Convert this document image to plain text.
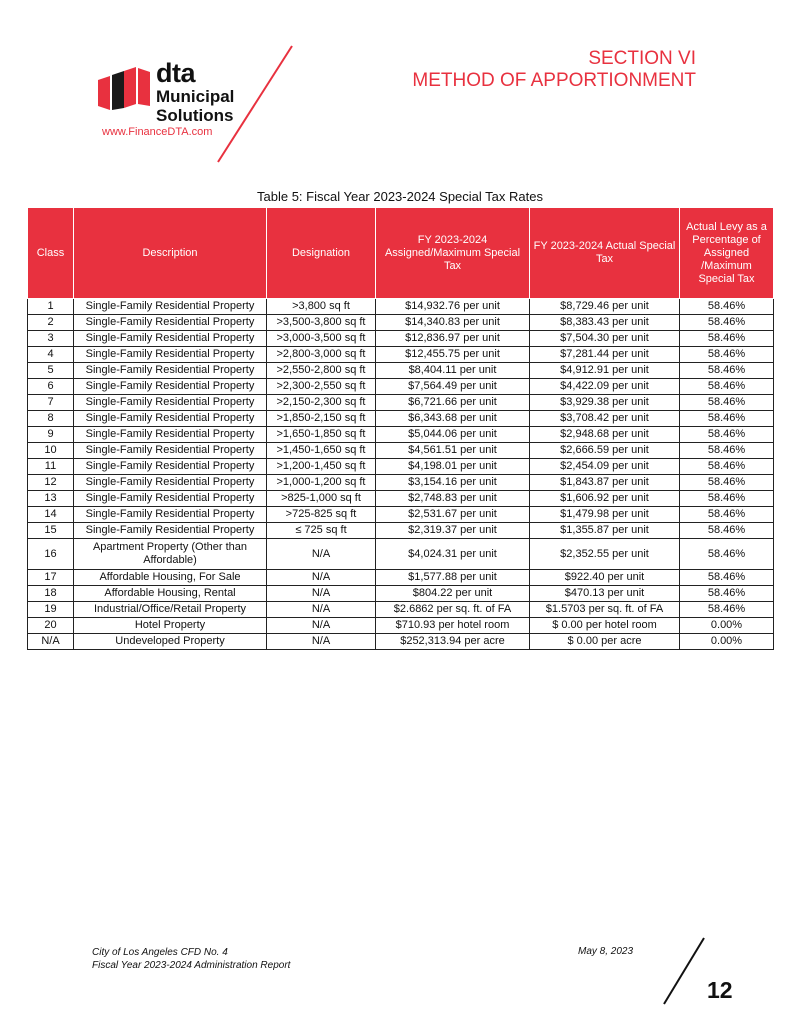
dta
Municipal
Solutions
www.FinanceDTA.com
SECTION VI
METHOD OF APPORTIONMENT
Table 5: Fiscal Year 2023-2024 Special Tax Rates
Class	Description	Designation	FY 2023-2024 Assigned/Maximum Special Tax	FY 2023-2024 Actual Special Tax	Actual Levy as a Percentage of Assigned /Maximum Special Tax
1	Single-Family Residential Property	>3,800 sq ft	$14,932.76 per unit	$8,729.46 per unit	58.46%
2	Single-Family Residential Property	>3,500-3,800 sq ft	$14,340.83 per unit	$8,383.43 per unit	58.46%
3	Single-Family Residential Property	>3,000-3,500 sq ft	$12,836.97 per unit	$7,504.30 per unit	58.46%
4	Single-Family Residential Property	>2,800-3,000 sq ft	$12,455.75 per unit	$7,281.44 per unit	58.46%
5	Single-Family Residential Property	>2,550-2,800 sq ft	$8,404.11 per unit	$4,912.91 per unit	58.46%
6	Single-Family Residential Property	>2,300-2,550 sq ft	$7,564.49 per unit	$4,422.09 per unit	58.46%
7	Single-Family Residential Property	>2,150-2,300 sq ft	$6,721.66 per unit	$3,929.38 per unit	58.46%
8	Single-Family Residential Property	>1,850-2,150 sq ft	$6,343.68 per unit	$3,708.42 per unit	58.46%
9	Single-Family Residential Property	>1,650-1,850 sq ft	$5,044.06 per unit	$2,948.68 per unit	58.46%
10	Single-Family Residential Property	>1,450-1,650 sq ft	$4,561.51 per unit	$2,666.59 per unit	58.46%
11	Single-Family Residential Property	>1,200-1,450 sq ft	$4,198.01 per unit	$2,454.09 per unit	58.46%
12	Single-Family Residential Property	>1,000-1,200 sq ft	$3,154.16 per unit	$1,843.87 per unit	58.46%
13	Single-Family Residential Property	>825-1,000 sq ft	$2,748.83 per unit	$1,606.92 per unit	58.46%
14	Single-Family Residential Property	>725-825 sq ft	$2,531.67 per unit	$1,479.98 per unit	58.46%
15	Single-Family Residential Property	≤ 725 sq ft	$2,319.37 per unit	$1,355.87 per unit	58.46%
16	Apartment Property (Other than Affordable)	N/A	$4,024.31 per unit	$2,352.55 per unit	58.46%
17	Affordable Housing, For Sale	N/A	$1,577.88 per unit	$922.40 per unit	58.46%
18	Affordable Housing, Rental	N/A	$804.22 per unit	$470.13 per unit	58.46%
19	Industrial/Office/Retail Property	N/A	$2.6862 per sq. ft. of FA	$1.5703 per sq. ft. of FA	58.46%
20	Hotel Property	N/A	$710.93 per hotel room	$ 0.00 per hotel room	0.00%
N/A	Undeveloped Property	N/A	$252,313.94 per acre	$ 0.00 per acre	0.00%
City of Los Angeles CFD No. 4
Fiscal Year 2023-2024 Administration Report
May 8, 2023
12
